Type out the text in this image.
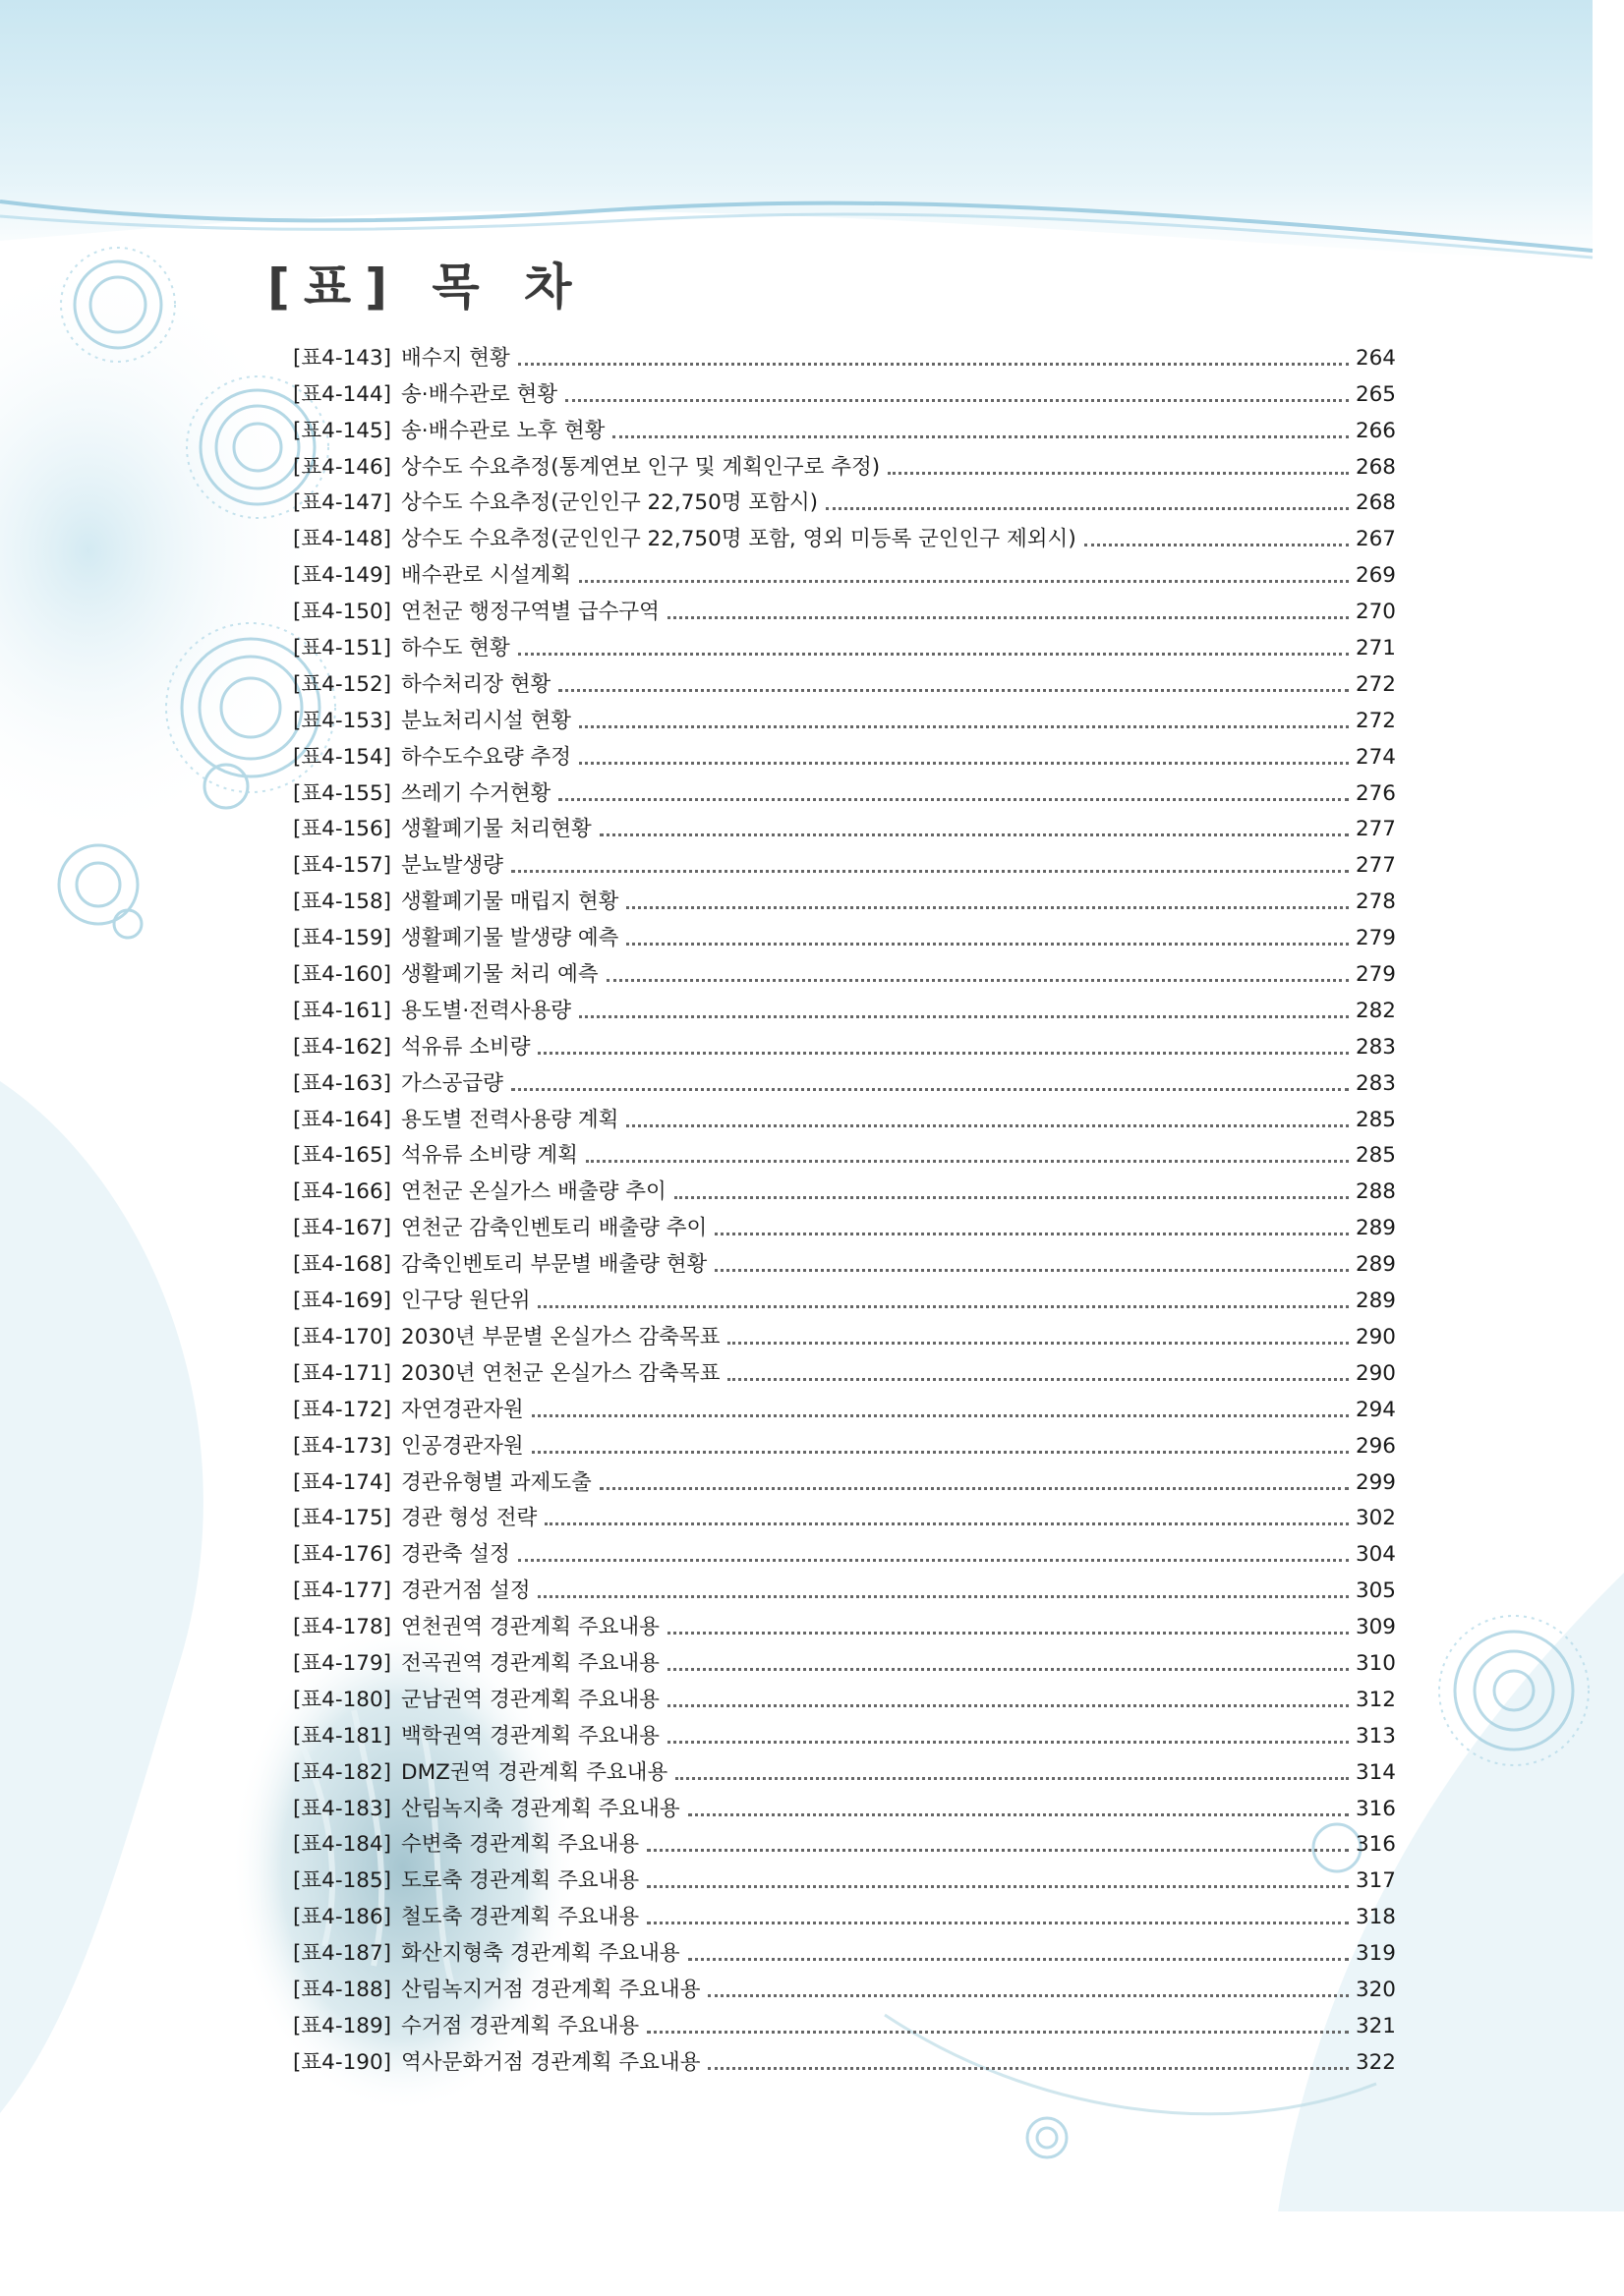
[표] 목 차
[표4-143] 배수지 현황	264
[표4-144] 송·배수관로 현황	265
[표4-145] 송·배수관로 노후 현황	266
[표4-146] 상수도 수요추정(통계연보 인구 및 계획인구로 추정)	268
[표4-147] 상수도 수요추정(군인인구 22,750명 포함시)	268
[표4-148] 상수도 수요추정(군인인구 22,750명 포함, 영외 미등록 군인인구 제외시)	267
[표4-149] 배수관로 시설계획	269
[표4-150] 연천군 행정구역별 급수구역	270
[표4-151] 하수도 현황	271
[표4-152] 하수처리장 현황	272
[표4-153] 분뇨처리시설 현황	272
[표4-154] 하수도수요량 추정	274
[표4-155] 쓰레기 수거현황	276
[표4-156] 생활폐기물 처리현황	277
[표4-157] 분뇨발생량	277
[표4-158] 생활폐기물 매립지 현황	278
[표4-159] 생활폐기물 발생량 예측	279
[표4-160] 생활폐기물 처리 예측	279
[표4-161] 용도별·전력사용량	282
[표4-162] 석유류 소비량	283
[표4-163] 가스공급량	283
[표4-164] 용도별 전력사용량 계획	285
[표4-165] 석유류 소비량 계획	285
[표4-166] 연천군 온실가스 배출량 추이	288
[표4-167] 연천군 감축인벤토리 배출량 추이	289
[표4-168] 감축인벤토리 부문별 배출량 현황	289
[표4-169] 인구당 원단위	289
[표4-170] 2030년 부문별 온실가스 감축목표	290
[표4-171] 2030년 연천군 온실가스 감축목표	290
[표4-172] 자연경관자원	294
[표4-173] 인공경관자원	296
[표4-174] 경관유형별 과제도출	299
[표4-175] 경관 형성 전략	302
[표4-176] 경관축 설정	304
[표4-177] 경관거점 설정	305
[표4-178] 연천권역 경관계획 주요내용	309
[표4-179] 전곡권역 경관계획 주요내용	310
[표4-180] 군남권역 경관계획 주요내용	312
[표4-181] 백학권역 경관계획 주요내용	313
[표4-182] DMZ권역 경관계획 주요내용	314
[표4-183] 산림녹지축 경관계획 주요내용	316
[표4-184] 수변축 경관계획 주요내용	316
[표4-185] 도로축 경관계획 주요내용	317
[표4-186] 철도축 경관계획 주요내용	318
[표4-187] 화산지형축 경관계획 주요내용	319
[표4-188] 산림녹지거점 경관계획 주요내용	320
[표4-189] 수거점 경관계획 주요내용	321
[표4-190] 역사문화거점 경관계획 주요내용	322
